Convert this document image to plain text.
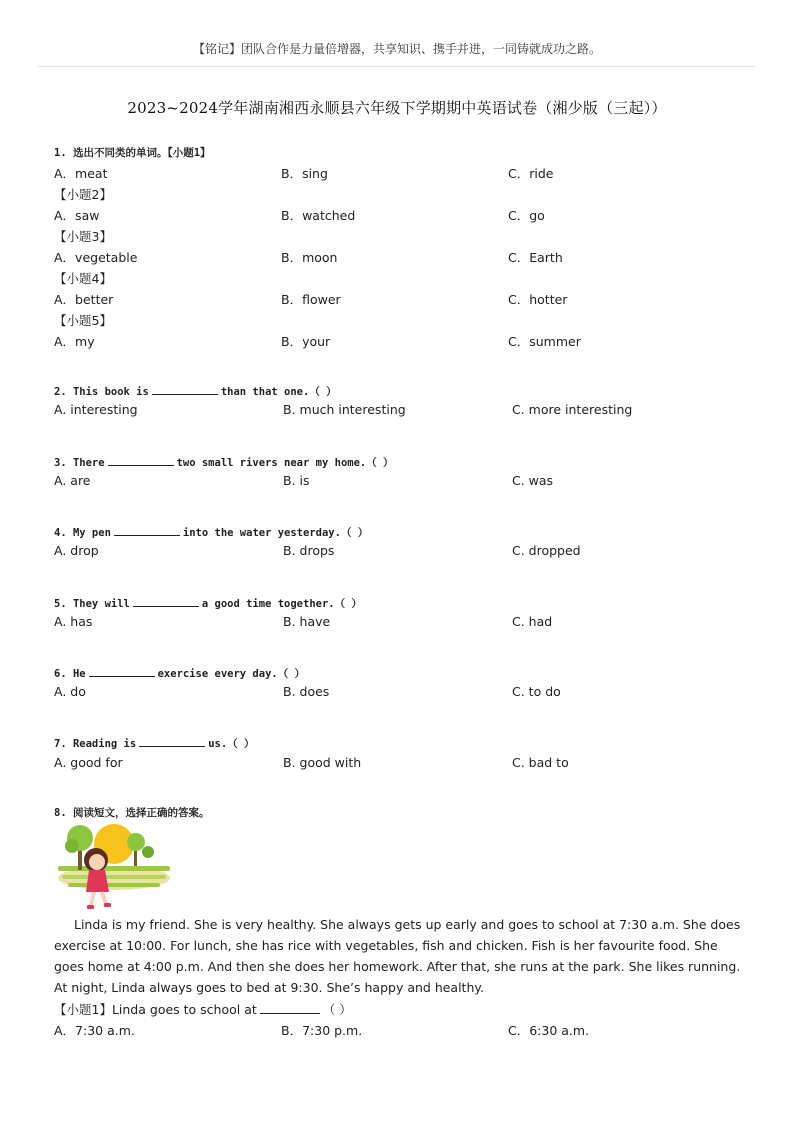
【铭记】团队合作是力量倍增器，共享知识、携手并进，一同铸就成功之路。
2023~2024学年湖南湘西永顺县六年级下学期期中英语试卷（湘少版（三起））
1. 选出不同类的单词。【小题1】
A．meat	B．sing	C．ride
【小题2】
A．saw	B．watched	C．go
【小题3】
A．vegetable	B．moon	C．Earth
【小题4】
A．better	B．flower	C．hotter
【小题5】
A．my	B．your	C．summer
2. This book is	than that one.（ ）
A. interesting	B. much interesting	C. more interesting
3. There	two small rivers near my home.（ ）
A. are	B. is	C. was
4. My pen	into the water yesterday.（ ）
A. drop	B. drops	C. dropped
5. They will	a good time together.（ ）
A. has	B. have	C. had
6. He	exercise every day.（ ）
A. do	B. does	C. to do
7. Reading is	us.（ ）
A. good for	B. good with	C. bad to
8. 阅读短文，选择正确的答案。

Linda is my friend. She is very healthy. She always gets up early and goes to school at 7:30 a.m. She does exercise at 10:00. For lunch, she has rice with vegetables, fish and chicken. Fish is her favourite food. She goes home at 4:00 p.m. And then she does her homework. After that, she runs at the park. She likes running. At night, Linda always goes to bed at 9:30. She’s happy and healthy.

【小题1】Linda goes to school at	（ ）
A．7:30 a.m.	B．7:30 p.m.	C．6:30 a.m.
